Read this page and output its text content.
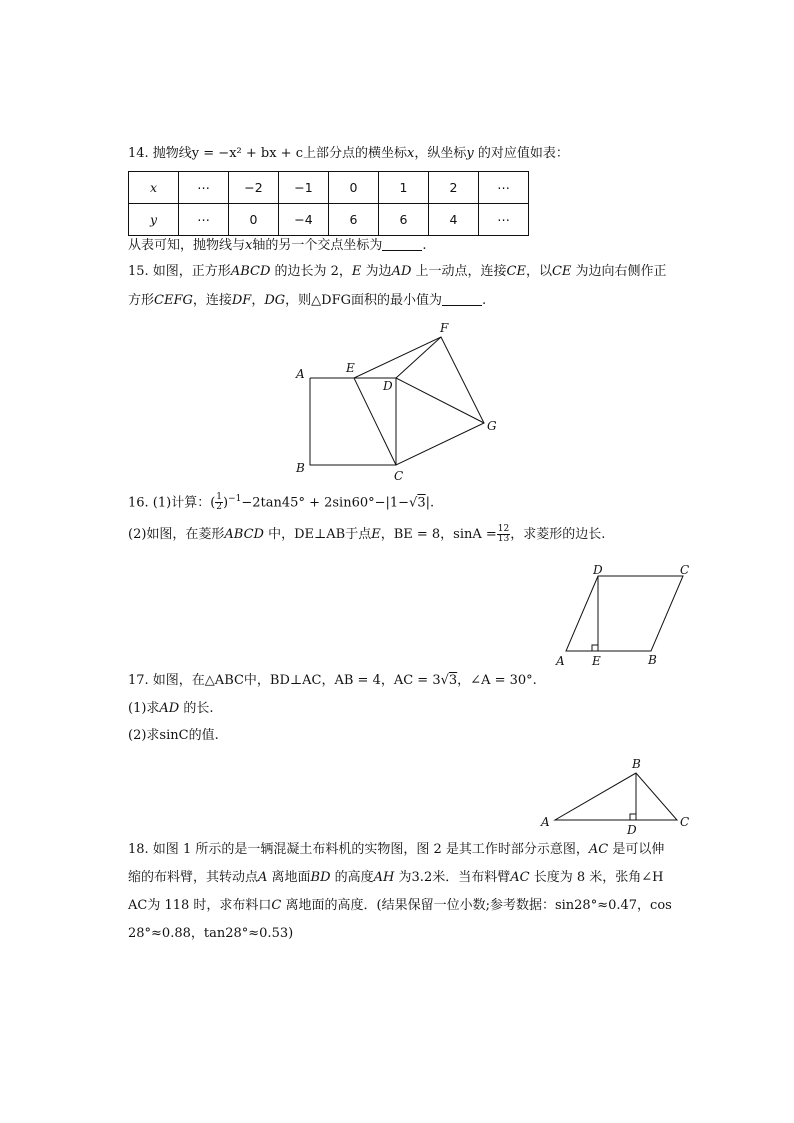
14. 抛物线y = −x² + bx + c上部分点的横坐标x，纵坐标y 的对应值如表：
x	⋯	−2	−1	0	1	2	⋯
y	⋯	0	−4	6	6	4	⋯
从表可知，抛物线与x轴的另一个交点坐标为	.
15. 如图，正方形ABCD 的边长为 2，E 为边AD 上一动点，连接CE，以CE 为边向右侧作正
方形CEFG，连接DF，DG，则△DFG面积的最小值为	.
A
B
C
D
E
F
G
16. (1)计算：( $\frac{1}{2} )^{-1}-2\tan 45^\circ + 2\sin 60^\circ-|1-√3|$.
(2)如图，在菱形ABCD 中，DE⊥AB于点E，BE = 8，$\sin A = \frac{12}{13}$ ，求菱形的边长.
A	B
C
D
E
17. 如图，在△ABC中，BD⊥AC，AB = 4，AC = 3√3，∠A = 30°.
(1)求AD 的长.
(2)求sinC的值.
A
B
C
D
18. 如图 1 所示的是一辆混凝土布料机的实物图，图 2 是其工作时部分示意图，AC 是可以伸
缩的布料臂，其转动点A 离地面BD 的高度AH 为3.2米．当布料臂AC 长度为 8 米，张角∠H
AC为 118 时，求布料口C 离地面的高度．(结果保留一位小数;参考数据：sin28°≈0.47，cos
28°≈0.88，tan28°≈0.53)
